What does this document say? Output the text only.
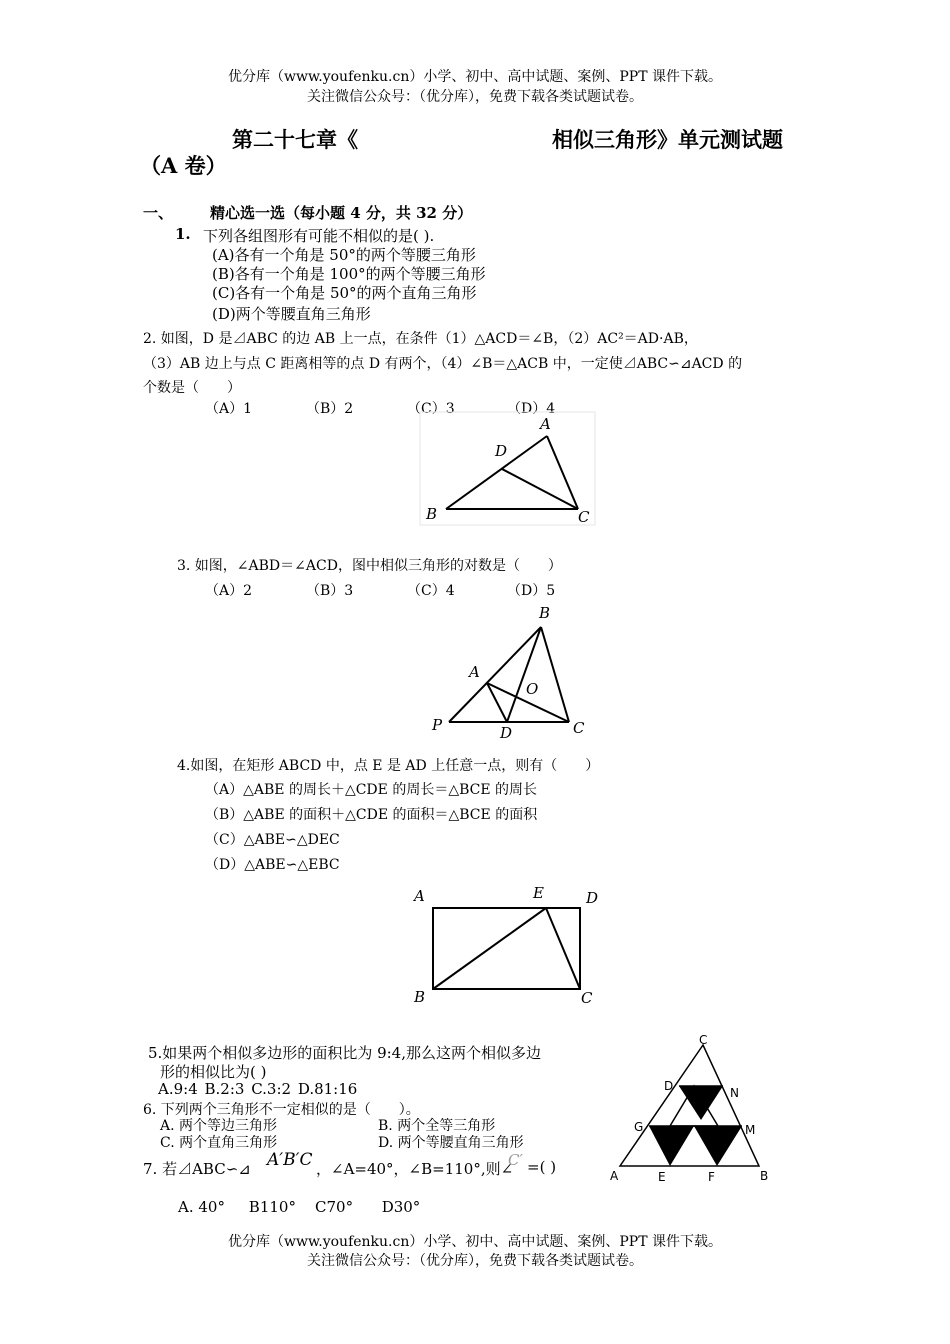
优分库（www.youfenku.cn）小学、初中、高中试题、案例、PPT 课件下载。
关注微信公众号：（优分库），免费下载各类试题试卷。
第二十七章《	相似三角形》单元测试题
（A 卷）
一、 精心选一选（每小题 4 分，共 32 分）
1. 下列各组图形有可能不相似的是( ).
(A)各有一个角是 50°的两个等腰三角形
(B)各有一个角是 100°的两个等腰三角形
(C)各有一个角是 50°的两个直角三角形
(D)两个等腰直角三角形
2. 如图，D 是⊿ABC 的边 AB 上一点，在条件（1）△ACD＝∠B，（2）AC²＝AD·AB，
（3）AB 边上与点 C 距离相等的点 D 有两个，（4）∠B＝△ACB 中，一定使⊿ABC∽⊿ACD 的
个数是（　　）
（A）1	（B）2	（C）3	（D）4
A
D
B	C
3. 如图，∠ABD＝∠ACD，图中相似三角形的对数是（　　）
（A）2	（B）3	（C）4	（D）5
B
A
O
P	D	C
4.如图，在矩形 ABCD 中，点 E 是 AD 上任意一点，则有（　　）
（A）△ABE 的周长＋△CDE 的周长＝△BCE 的周长
（B）△ABE 的面积＋△CDE 的面积＝△BCE 的面积
（C）△ABE∽△DEC
（D）△ABE∽△EBC
A	E	D
B	C
5.如果两个相似多边形的面积比为 9:4,那么这两个相似多边
形的相似比为( )
A.9:4 B.2:3 C.3:2 D.81:16
6. 下列两个三角形不一定相似的是（　　）。
A. 两个等边三角形	B. 两个全等三角形
C. 两个直角三角形	D. 两个等腰直角三角形
7. 若⊿ABC∽⊿ A′B′C ，∠A=40°，∠B=110°,则∠
C′ =( )
A. 40°     B110°    C70°      D30°
C
D	N
G	M
A	E	F	B
优分库（www.youfenku.cn）小学、初中、高中试题、案例、PPT 课件下载。
关注微信公众号：（优分库），免费下载各类试题试卷。
